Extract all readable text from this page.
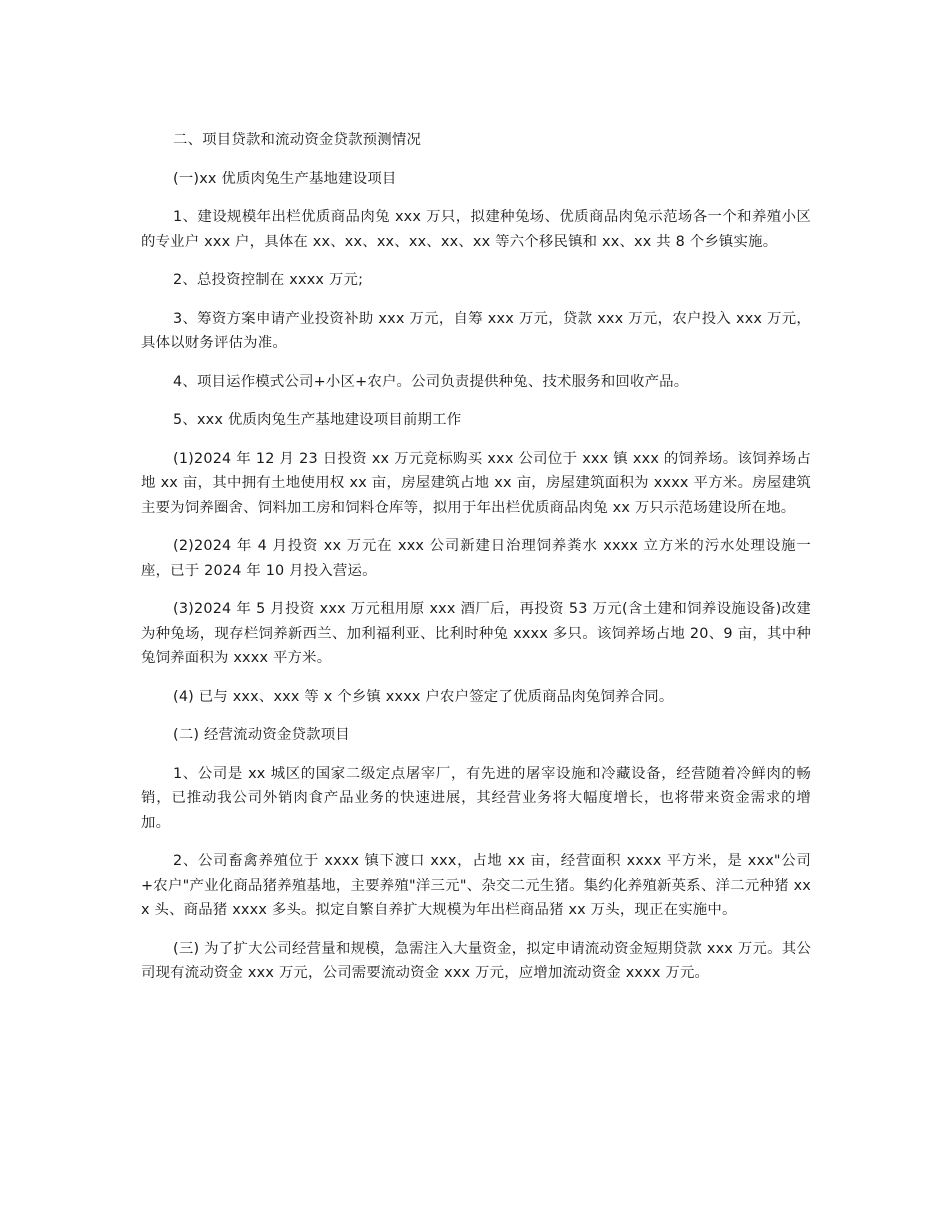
二、项目贷款和流动资金贷款预测情况

(一)xx 优质肉兔生产基地建设项目

1、建设规模年出栏优质商品肉兔 xxx 万只，拟建种兔场、优质商品肉兔示范场各一个和养殖小区的专业户 xxx 户，具体在 xx、xx、xx、xx、xx、xx 等六个移民镇和 xx、xx 共 8 个乡镇实施。

2、总投资控制在 xxxx 万元;

3、筹资方案申请产业投资补助 xxx 万元，自筹 xxx 万元，贷款 xxx 万元，农户投入 xxx 万元，具体以财务评估为准。

4、项目运作模式公司+小区+农户。公司负责提供种兔、技术服务和回收产品。

5、xxx 优质肉兔生产基地建设项目前期工作

(1)2024 年 12 月 23 日投资 xx 万元竞标购买 xxx 公司位于 xxx 镇 xxx 的饲养场。该饲养场占地 xx 亩，其中拥有土地使用权 xx 亩，房屋建筑占地 xx 亩，房屋建筑面积为 xxxx 平方米。房屋建筑主要为饲养圈舍、饲料加工房和饲料仓库等，拟用于年出栏优质商品肉兔 xx 万只示范场建设所在地。

(2)2024 年 4 月投资 xx 万元在 xxx 公司新建日治理饲养粪水 xxxx 立方米的污水处理设施一座，已于 2024 年 10 月投入营运。

(3)2024 年 5 月投资 xxx 万元租用原 xxx 酒厂后，再投资 53 万元(含土建和饲养设施设备)改建为种兔场，现存栏饲养新西兰、加利福利亚、比利时种兔 xxxx 多只。该饲养场占地 20、9 亩，其中种兔饲养面积为 xxxx 平方米。

(4) 已与 xxx、xxx 等 x 个乡镇 xxxx 户农户签定了优质商品肉兔饲养合同。

(二) 经营流动资金贷款项目

1、公司是 xx 城区的国家二级定点屠宰厂，有先进的屠宰设施和冷藏设备，经营随着冷鲜肉的畅销，已推动我公司外销肉食产品业务的快速进展，其经营业务将大幅度增长，也将带来资金需求的增加。

2、公司畜禽养殖位于 xxxx 镇下渡口 xxx，占地 xx 亩，经营面积 xxxx 平方米，是 xxx"公司+农户"产业化商品猪养殖基地，主要养殖"洋三元"、杂交二元生猪。集约化养殖新英系、洋二元种猪 xxx 头、商品猪 xxxx 多头。拟定自繁自养扩大规模为年出栏商品猪 xx 万头，现正在实施中。

(三) 为了扩大公司经营量和规模，急需注入大量资金，拟定申请流动资金短期贷款 xxx 万元。其公司现有流动资金 xxx 万元，公司需要流动资金 xxx 万元，应增加流动资金 xxxx 万元。
